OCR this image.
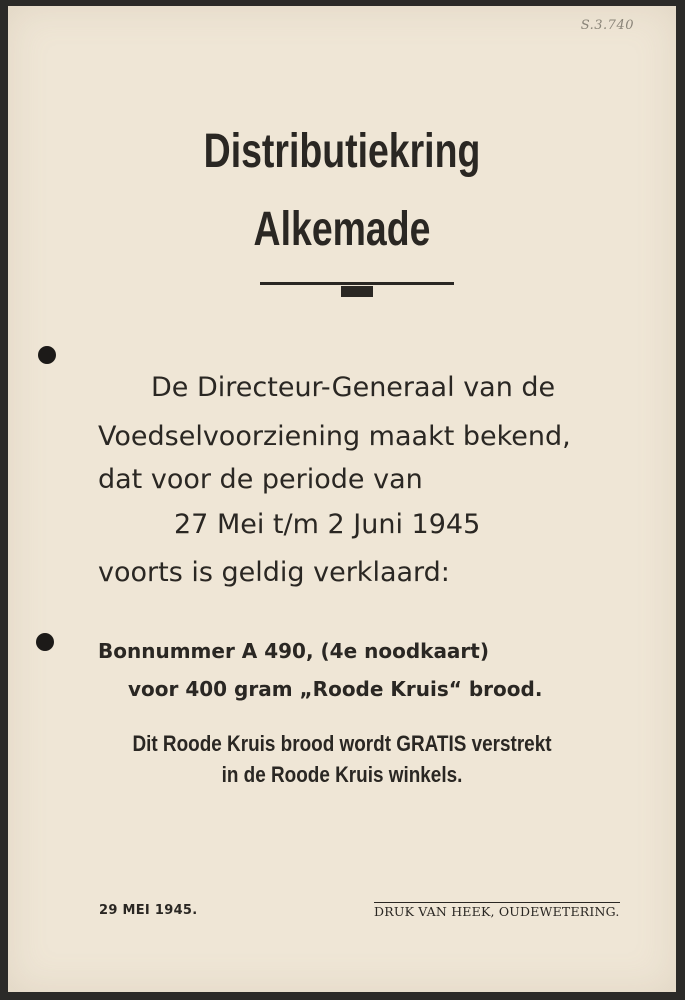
S.3.740
Distributiekring
Alkemade
De Directeur-Generaal van de
Voedselvoorziening maakt bekend,
dat voor de periode van
27 Mei t/m 2 Juni 1945
voorts is geldig verklaard:
Bonnummer A 490, (4e noodkaart)
voor 400 gram „Roode Kruis“ brood.
Dit Roode Kruis brood wordt GRATIS verstrekt
in de Roode Kruis winkels.
29 MEI 1945.	DRUK VAN HEEK, OUDEWETERING.
